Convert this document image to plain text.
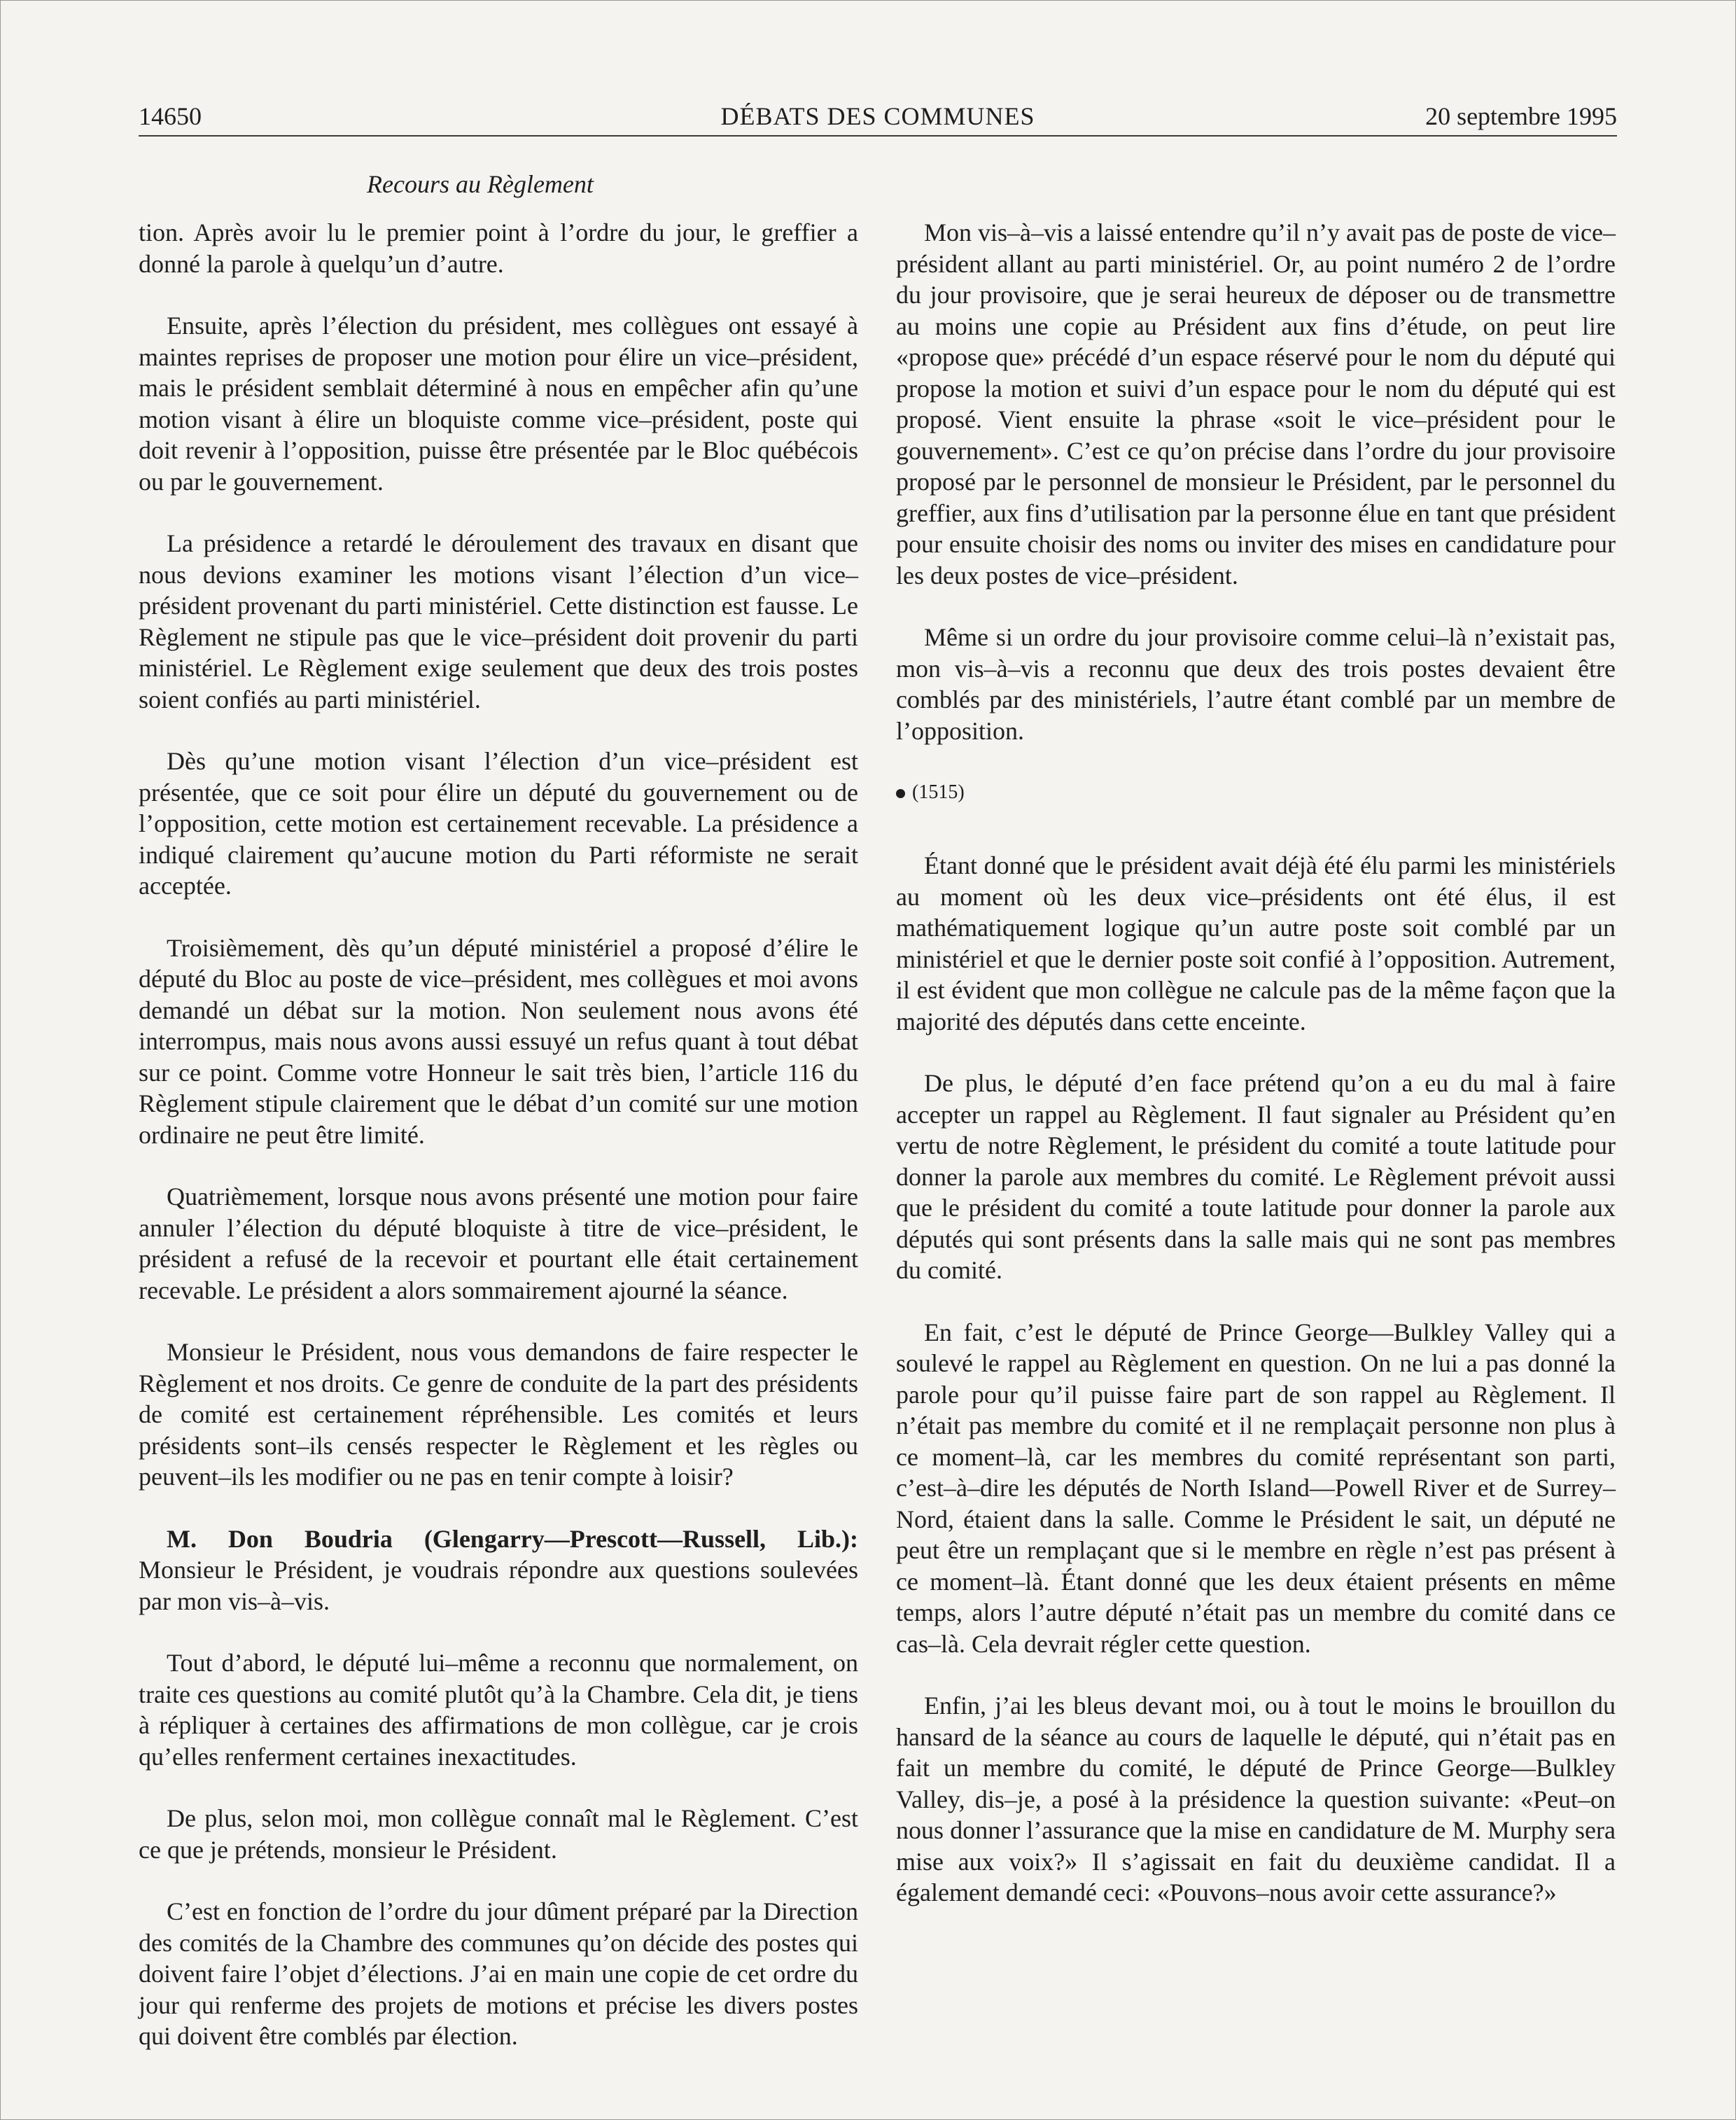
14650	DÉBATS DES COMMUNES	20 septembre 1995
Recours au Règlement

tion. Après avoir lu le premier point à l’ordre du jour, le greffier a donné la parole à quelqu’un d’autre.

Ensuite, après l’élection du président, mes collègues ont essayé à maintes reprises de proposer une motion pour élire un vice–président, mais le président semblait déterminé à nous en empêcher afin qu’une motion visant à élire un bloquiste comme vice–président, poste qui doit revenir à l’opposition, puisse être présentée par le Bloc québécois ou par le gouvernement.

La présidence a retardé le déroulement des travaux en disant que nous devions examiner les motions visant l’élection d’un vice–président provenant du parti ministériel. Cette distinction est fausse. Le Règlement ne stipule pas que le vice–président doit provenir du parti ministériel. Le Règlement exige seulement que deux des trois postes soient confiés au parti ministériel.

Dès qu’une motion visant l’élection d’un vice–président est présentée, que ce soit pour élire un député du gouvernement ou de l’opposition, cette motion est certainement recevable. La présidence a indiqué clairement qu’aucune motion du Parti réformiste ne serait acceptée.

Troisièmement, dès qu’un député ministériel a proposé d’élire le député du Bloc au poste de vice–président, mes collègues et moi avons demandé un débat sur la motion. Non seulement nous avons été interrompus, mais nous avons aussi essuyé un refus quant à tout débat sur ce point. Comme votre Honneur le sait très bien, l’article 116 du Règlement stipule clairement que le débat d’un comité sur une motion ordinaire ne peut être limité.

Quatrièmement, lorsque nous avons présenté une motion pour faire annuler l’élection du député bloquiste à titre de vice–président, le président a refusé de la recevoir et pourtant elle était certainement recevable. Le président a alors sommairement ajourné la séance.

Monsieur le Président, nous vous demandons de faire respecter le Règlement et nos droits. Ce genre de conduite de la part des présidents de comité est certainement répréhensible. Les comités et leurs présidents sont–ils censés respecter le Règlement et les règles ou peuvent–ils les modifier ou ne pas en tenir compte à loisir?

M. Don Boudria (Glengarry—Prescott—Russell, Lib.): Monsieur le Président, je voudrais répondre aux questions soulevées par mon vis–à–vis.

Tout d’abord, le député lui–même a reconnu que normalement, on traite ces questions au comité plutôt qu’à la Chambre. Cela dit, je tiens à répliquer à certaines des affirmations de mon collègue, car je crois qu’elles renferment certaines inexactitudes.

De plus, selon moi, mon collègue connaît mal le Règlement. C’est ce que je prétends, monsieur le Président.

C’est en fonction de l’ordre du jour dûment préparé par la Direction des comités de la Chambre des communes qu’on décide des postes qui doivent faire l’objet d’élections. J’ai en main une copie de cet ordre du jour qui renferme des projets de motions et précise les divers postes qui doivent être comblés par élection.

Mon vis–à–vis a laissé entendre qu’il n’y avait pas de poste de vice–président allant au parti ministériel. Or, au point numéro 2 de l’ordre du jour provisoire, que je serai heureux de déposer ou de transmettre au moins une copie au Président aux fins d’étude, on peut lire «propose que» précédé d’un espace réservé pour le nom du député qui propose la motion et suivi d’un espace pour le nom du député qui est proposé. Vient ensuite la phrase «soit le vice–président pour le gouvernement». C’est ce qu’on précise dans l’ordre du jour provisoire proposé par le personnel de monsieur le Président, par le personnel du greffier, aux fins d’utilisation par la personne élue en tant que président pour ensuite choisir des noms ou inviter des mises en candidature pour les deux postes de vice–président.

Même si un ordre du jour provisoire comme celui–là n’existait pas, mon vis–à–vis a reconnu que deux des trois postes devaient être comblés par des ministériels, l’autre étant comblé par un membre de l’opposition.

(1515)

Étant donné que le président avait déjà été élu parmi les ministériels au moment où les deux vice–présidents ont été élus, il est mathématiquement logique qu’un autre poste soit comblé par un ministériel et que le dernier poste soit confié à l’opposition. Autrement, il est évident que mon collègue ne calcule pas de la même façon que la majorité des députés dans cette enceinte.

De plus, le député d’en face prétend qu’on a eu du mal à faire accepter un rappel au Règlement. Il faut signaler au Président qu’en vertu de notre Règlement, le président du comité a toute latitude pour donner la parole aux membres du comité. Le Règlement prévoit aussi que le président du comité a toute latitude pour donner la parole aux députés qui sont présents dans la salle mais qui ne sont pas membres du comité.

En fait, c’est le député de Prince George—Bulkley Valley qui a soulevé le rappel au Règlement en question. On ne lui a pas donné la parole pour qu’il puisse faire part de son rappel au Règlement. Il n’était pas membre du comité et il ne remplaçait personne non plus à ce moment–là, car les membres du comité représentant son parti, c’est–à–dire les députés de North Island—Powell River et de Surrey–Nord, étaient dans la salle. Comme le Président le sait, un député ne peut être un remplaçant que si le membre en règle n’est pas présent à ce moment–là. Étant donné que les deux étaient présents en même temps, alors l’autre député n’était pas un membre du comité dans ce cas–là. Cela devrait régler cette question.

Enfin, j’ai les bleus devant moi, ou à tout le moins le brouillon du hansard de la séance au cours de laquelle le député, qui n’était pas en fait un membre du comité, le député de Prince George—Bulkley Valley, dis–je, a posé à la présidence la question suivante: «Peut–on nous donner l’assurance que la mise en candidature de M. Murphy sera mise aux voix?» Il s’agissait en fait du deuxième candidat. Il a également demandé ceci: «Pouvons–nous avoir cette assurance?»
